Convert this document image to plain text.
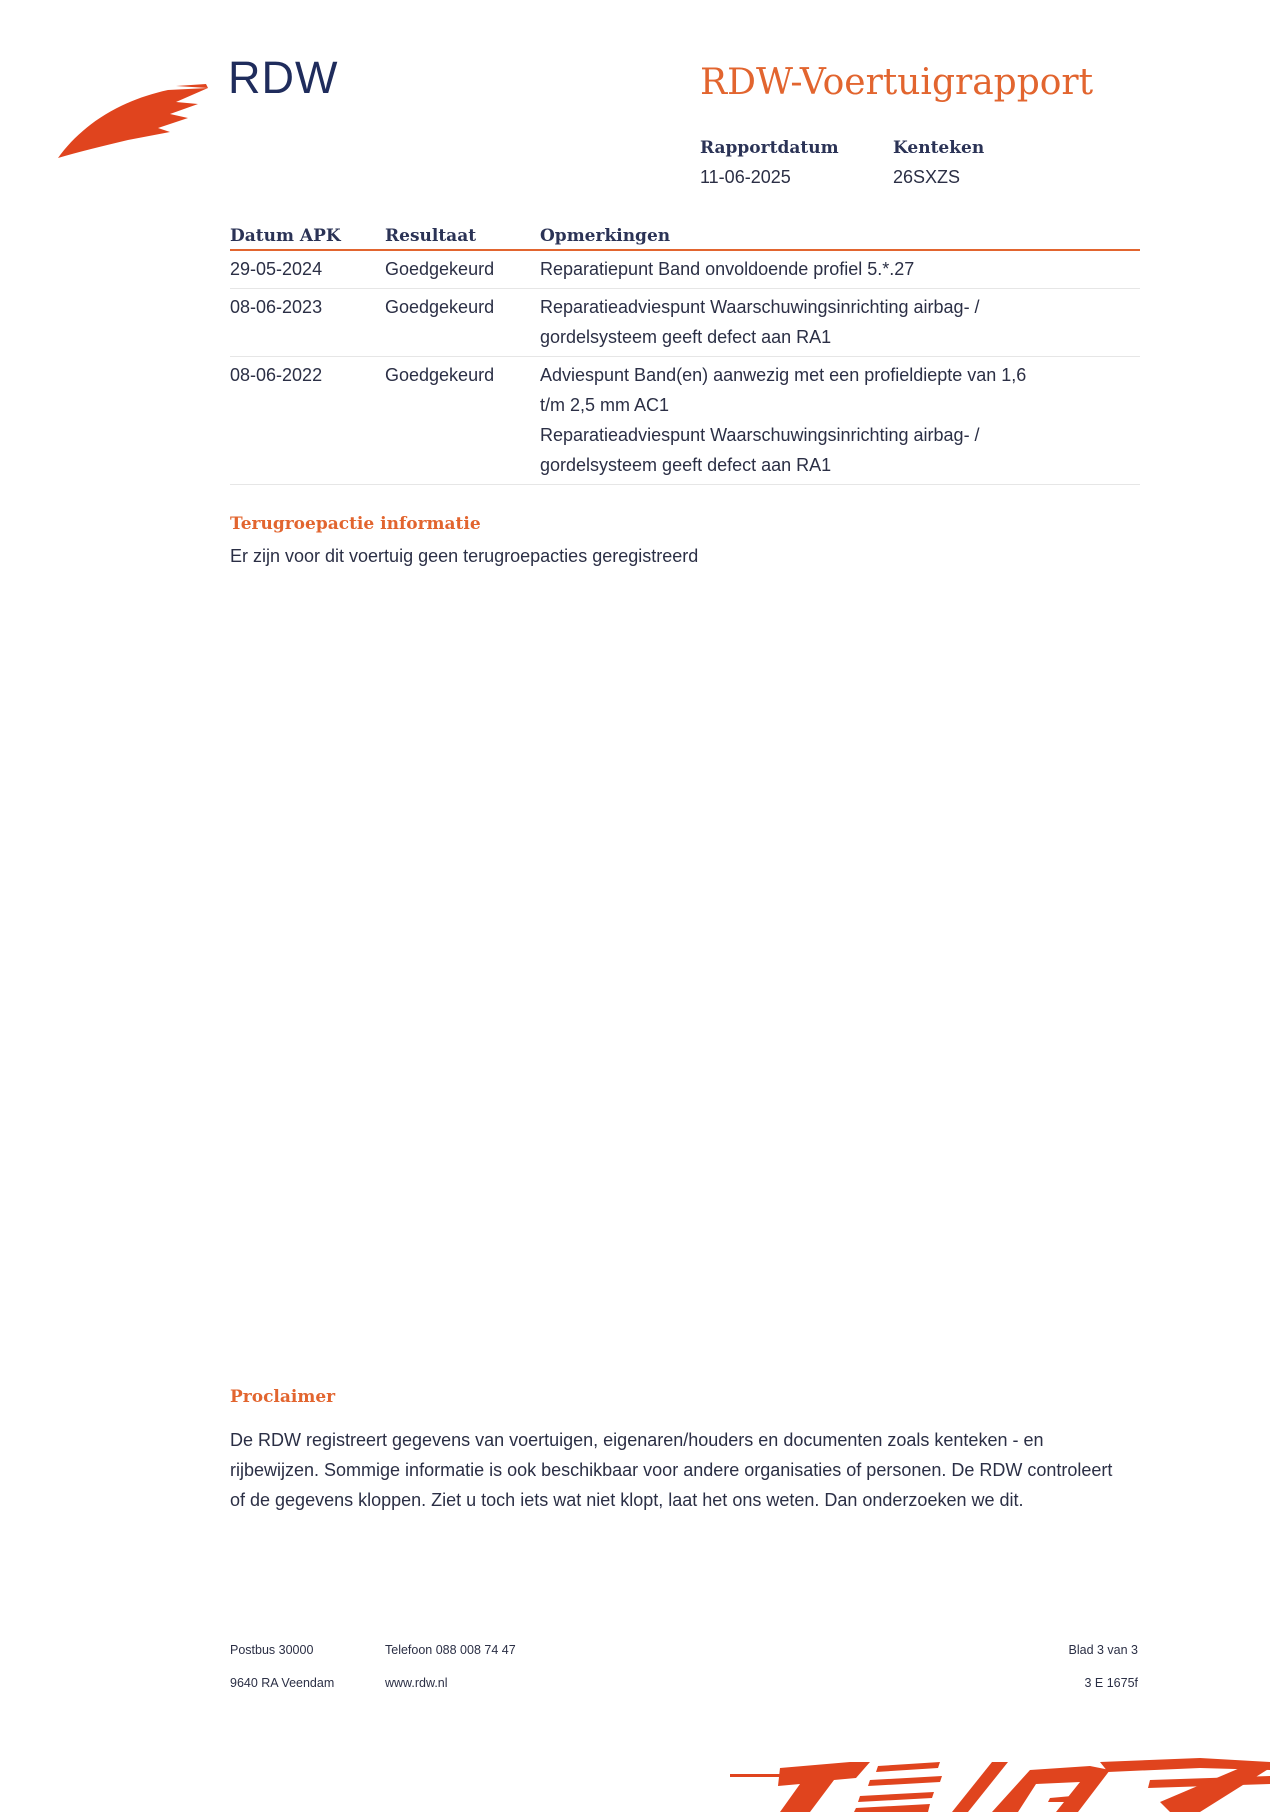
RDW	RDW-Voertuigrapport
Rapportdatum
11-06-2025
Kenteken
26SXZS
Datum APK	Resultaat	Opmerkingen
29-05-2024	Goedgekeurd	Reparatiepunt Band onvoldoende profiel 5.*.27

08-06-2023	Goedgekeurd	Reparatieadviespunt Waarschuwingsinrichting airbag- / gordelsysteem geeft defect aan RA1

08-06-2022	Goedgekeurd	Adviespunt Band(en) aanwezig met een profieldiepte van 1,6 t/m 2,5 mm AC1
Reparatieadviespunt Waarschuwingsinrichting airbag- / gordelsysteem geeft defect aan RA1
Terugroepactie informatie
Er zijn voor dit voertuig geen terugroepacties geregistreerd
Proclaimer
De RDW registreert gegevens van voertuigen, eigenaren/houders en documenten zoals kenteken - en rijbewijzen. Sommige informatie is ook beschikbaar voor andere organisaties of personen. De RDW controleert of de gegevens kloppen. Ziet u toch iets wat niet klopt, laat het ons weten. Dan onderzoeken we dit.
Postbus 30000
9640 RA Veendam
Telefoon 088 008 74 47
www.rdw.nl
Blad 3 van 3
3 E 1675f
